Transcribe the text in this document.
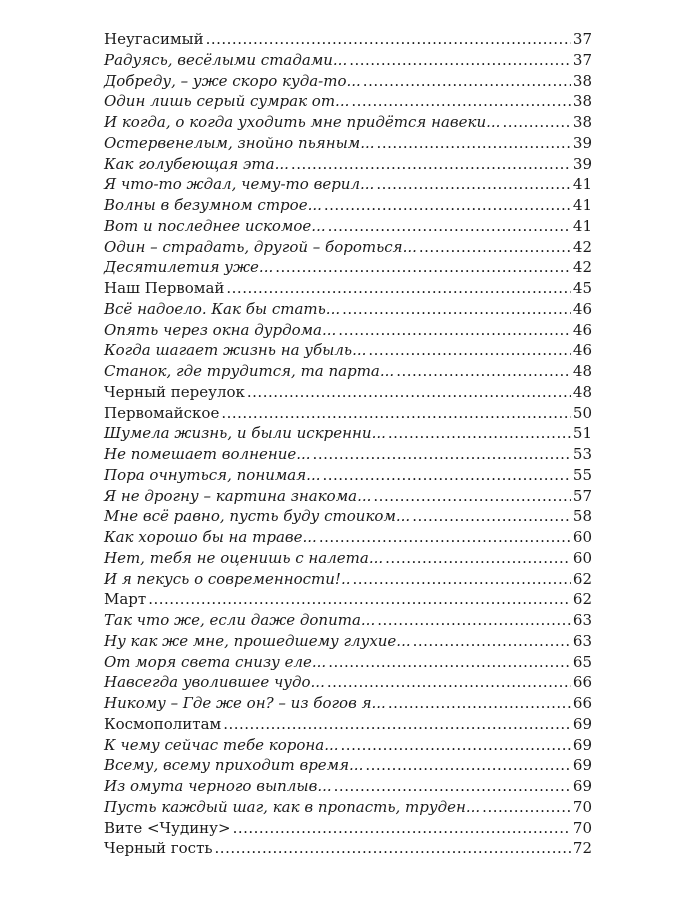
Неугасимый .....	37
Радуясь, весёлыми стадами... .....	37
Добреду, – уже скоро куда-то... .....	38
Один лишь серый сумрак от... .....	38
И когда, о когда уходить мне придётся навеки... .....	38
Остервенелым, знойно пьяным... .....	39
Как голубеющая эта... .....	39
Я что-то ждал, чему-то верил... .....	41
Волны в безумном строе... .....	41
Вот и последнее искомое... .....	41
Один – страдать, другой – бороться... .....	42
Десятилетия уже... .....	42
Наш Первомай .....	45
Всё надоело. Как бы стать... .....	46
Опять через окна дурдома... .....	46
Когда шагает жизнь на убыль... .....	46
Станок, где трудится, та парта... .....	48
Черный переулок .....	48
Первомайское .....	50
Шумела жизнь, и были искренни... .....	51
Не помешает волнение... .....	53
Пора очнуться, понимая... .....	55
Я не дрогну – картина знакома... .....	57
Мне всё равно, пусть буду стоиком... .....	58
Как хорошо бы на траве... .....	60
Нет, тебя не оценишь с налета... .....	60
И я пекусь о современности!.. .....	62
Март .....	62
Так что же, если даже допита... .....	63
Ну как же мне, прошедшему глухие... .....	63
От моря света снизу еле... .....	65
Навсегда уволившее чудо... .....	66
Никому – Где же он? – из богов я... .....	66
Космополитам .....	69
К чему сейчас тебе корона... .....	69
Всему, всему приходит время... .....	69
Из омута черного выплыв... .....	69
Пусть каждый шаг, как в пропасть, труден... .....	70
Вите <Чудину> .....	70
Черный гость .....	72
